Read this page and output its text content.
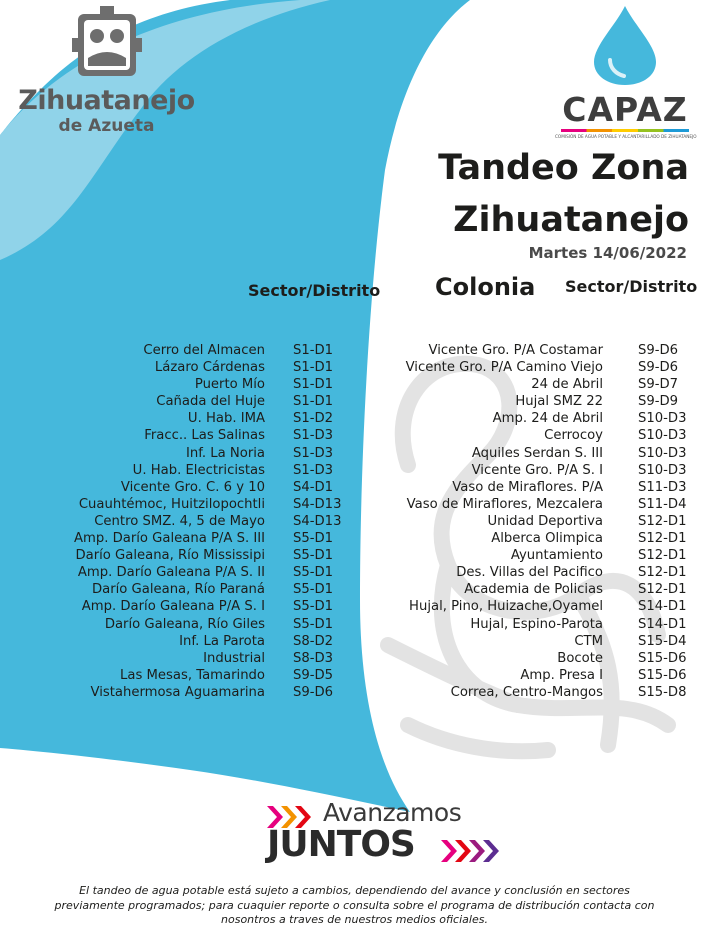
Zihuatanejo
de Azueta	CAPAZ
COMISIÓN DE AGUA POTABLE Y ALCANTARILLADO DE ZIHUATANEJO
Tandeo Zona
Zihuatanejo
Martes 14/06/2022
Sector/Distrito Colonia Sector/Distrito
Cerro del Almacen S1-D1
Lázaro Cárdenas S1-D1
Puerto Mío S1-D1
Cañada del Huje S1-D1
U. Hab. IMA S1-D2
Fracc.. Las Salinas S1-D3
Inf. La Noria S1-D3
U. Hab. Electricistas S1-D3
Vicente Gro. C. 6 y 10 S4-D1
Cuauhtémoc, Huitzilopochtli S4-D13
Centro SMZ. 4, 5 de Mayo S4-D13
Amp. Darío Galeana P/A S. III S5-D1
Darío Galeana, Río Mississipi S5-D1
Amp. Darío Galeana P/A S. II S5-D1
Darío Galeana, Río Paraná S5-D1
Amp. Darío Galeana P/A S. I S5-D1
Darío Galeana, Río Giles S5-D1
Inf. La Parota S8-D2
Industrial S8-D3
Las Mesas, Tamarindo S9-D5
Vistahermosa Aguamarina S9-D6
Vicente Gro. P/A Costamar	S9-D6
Vicente Gro. P/A Camino Viejo	S9-D6
24 de Abril	S9-D7
Hujal SMZ 22	S9-D9
Amp. 24 de Abril	S10-D3
Cerrocoy	S10-D3
Aquiles Serdan S. III	S10-D3
Vicente Gro. P/A S. I	S10-D3
Vaso de Miraflores. P/A	S11-D3
Vaso de Miraflores, Mezcalera	S11-D4
Unidad Deportiva	S12-D1
Alberca Olimpica	S12-D1
Ayuntamiento	S12-D1
Des. Villas del Pacifico	S12-D1
Academia de Policias	S12-D1
Hujal, Pino, Huizache,Oyamel	S14-D1
Hujal, Espino-Parota	S14-D1
CTM	S15-D4
Bocote	S15-D6
Amp. Presa I	S15-D6
Correa, Centro-Mangos	S15-D8
Avanzamos
JUNTOS
El tandeo de agua potable está sujeto a cambios, dependiendo del avance y conclusión en sectores previamente programados; para cuaquier reporte o consulta sobre el programa de distribución contacta con nosontros a traves de nuestros medios oficiales.
